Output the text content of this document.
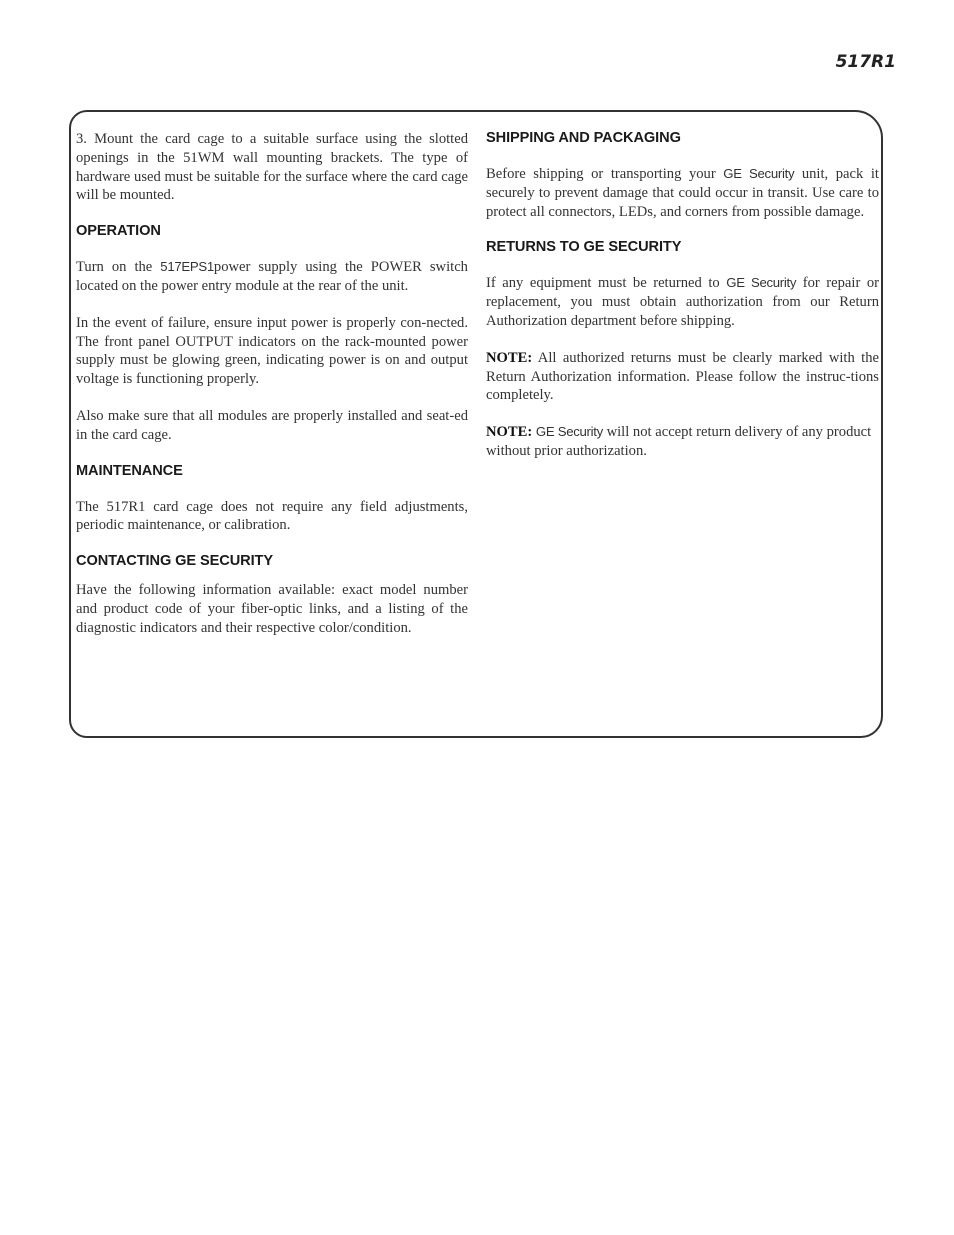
517R1

3. Mount the card cage to a suitable surface using the slotted openings in the 51WM wall mounting brackets. The type of hardware used must be suitable for the surface where the card cage will be mounted.

OPERATION

Turn on the 517EPS1power supply using the POWER switch located on the power entry module at the rear of the unit.

In the event of failure, ensure input power is properly con-nected. The front panel OUTPUT indicators on the rack-mounted power supply must be glowing green, indicating power is on and output voltage is functioning properly.

Also make sure that all modules are properly installed and seat-ed in the card cage.

MAINTENANCE

The 517R1 card cage does not require any field adjustments, periodic maintenance, or calibration.

CONTACTING GE SECURITY

Have the following information available: exact model number and product code of your fiber-optic links, and a listing of the diagnostic indicators and their respective color/condition.

SHIPPING AND PACKAGING

Before shipping or transporting your GE Security unit, pack it securely to prevent damage that could occur in transit. Use care to protect all connectors, LEDs, and corners from possible damage.

RETURNS TO GE SECURITY

If any equipment must be returned to GE Security for repair or replacement, you must obtain authorization from our Return Authorization department before shipping.

NOTE: All authorized returns must be clearly marked with the Return Authorization information. Please follow the instruc-tions completely.

NOTE: GE Security will not accept return delivery of any product without prior authorization.
